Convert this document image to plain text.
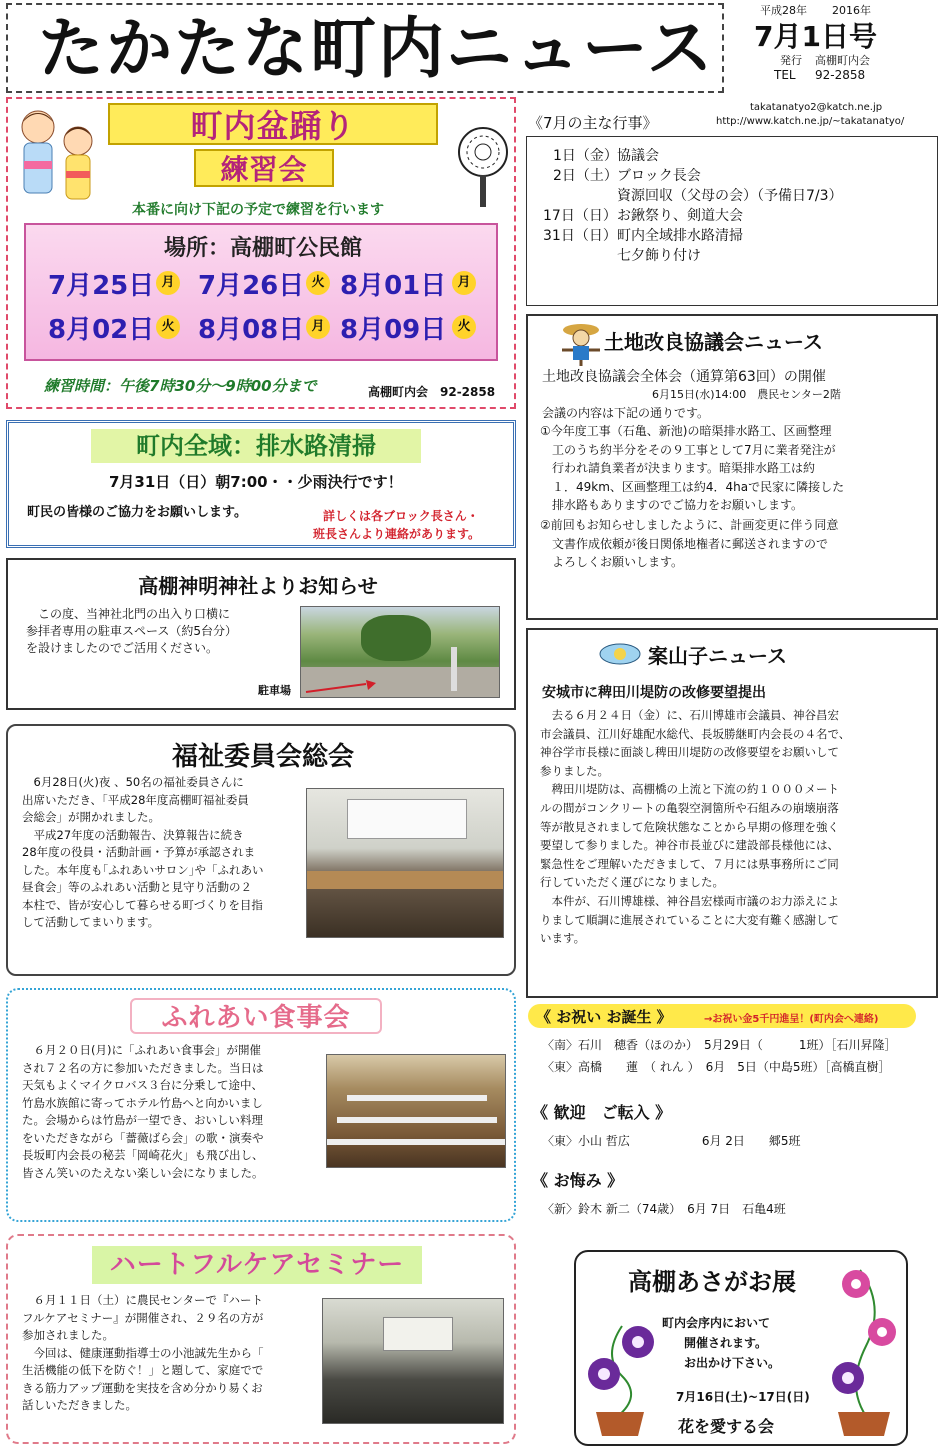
たかたな町内ニュース	平成28年 2016年
7月1日号
発行 高棚町内会
TEL 92-2858
takatanatyo2@katch.ne.jp
http://www.katch.ne.jp/~takatanatyo/
町内盆踊り
練習会
本番に向け下記の予定で練習を行います
場所：高棚町公民館
7月25日 月 7月26日 火 8月01日 月
8月02日 火 8月08日 月 8月09日 火
練習時間：午後7時30分～9時00分まで	高棚町内会　92-2858
町内全域：排水路清掃
7月31日（日）朝7:00・・少雨決行です！
町民の皆様のご協力をお願いします。	詳しくは各ブロック長さん・
班長さんより連絡があります。
高棚神明神社よりお知らせ
　この度、当神社北門の出入り口横に
参拝者専用の駐車スペース（約5台分）
を設けましたのでご活用ください。
駐車場
福祉委員会総会
　6月28日(火)夜 、50名の福祉委員さんに
出席いただき、「平成28年度高棚町福祉委員
会総会」が開かれました。
　平成27年度の活動報告、決算報告に続き
28年度の役員・活動計画・予算が承認されま
した。本年度も｢ふれあいサロン｣や「ふれあい
昼食会」等のふれあい活動と見守り活動の２
本柱で、皆が安心して暮らせる町づくりを目指
して活動してまいります。
ふれあい食事会
　６月２０日(月)に「ふれあい食事会」が開催
され７２名の方に参加いただきました。当日は
天気もよくマイクロバス３台に分乗して途中、
竹島水族館に寄ってホテル竹島へと向かいまし
た。会場からは竹島が一望でき、おいしい料理
をいただきながら「薔薇ばら会」の歌・演奏や
長坂町内会長の秘芸「岡崎花火」も飛び出し、
皆さん笑いのたえない楽しい会になりました。
ハートフルケアセミナー
　６月１１日（土）に農民センターで『ハート
フルケアセミナー』が開催され、２９名の方が
参加されました。
　今回は、健康運動指導士の小池誠先生から「
生活機能の低下を防ぐ！」と題して、家庭でで
きる筋力アップ運動を実技を含め分かり易くお
話しいただきました。
《7月の主な行事》
1日（金）協議会
2日（土）ブロック長会
資源回収（父母の会）（予備日7/3）
17日（日）お鍬祭り、剣道大会
31日（日）町内全域排水路清掃
七夕飾り付け
土地改良協議会ニュース
土地改良協議会全体会（通算第63回）の開催
6月15日(水)14:00　農民センター2階
会議の内容は下記の通りです。
①今年度工事（石亀、新池)の暗渠排水路工、区画整理
　工のうち約半分をその９工事として7月に業者発注が
　行われ請負業者が決まります。暗渠排水路工は約
　１．49km、区画整理工は約4．4haで民家に隣接した
　排水路もありますのでご協力をお願いします。
②前回もお知らせしましたように、計画変更に伴う同意
　文書作成依頼が後日関係地権者に郵送されますので
　よろしくお願いします。
案山子ニュース
安城市に稗田川堤防の改修要望提出
　去る６月２４日（金）に、石川博雄市会議員、神谷昌宏
市会議員、江川好雄配水総代、長坂勝継町内会長の４名で、
神谷学市長様に面談し稗田川堤防の改修要望をお願いして
参りました。
　稗田川堤防は、高棚橋の上流と下流の約１０００メート
ルの間がコンクリートの亀裂空洞箇所や石組みの崩壊崩落
等が散見されまして危険状態なことから早期の修理を強く
要望して参りました。神谷市長並びに建設部長様他には、
緊急性をご理解いただきまして、７月には県事務所にご同
行していただく運びになりました。
　本件が、石川博雄様、神谷昌宏様両市議のお力添えによ
りまして順調に進展されていることに大変有難く感謝して
います。
《 お祝い お誕生 》	→お祝い金5千円進呈！(町内会へ連絡)
〈南〉石川　穂香（ほのか）　5月29日（　　　1班）［石川昇隆］
〈東〉高橋　　蓮　（ れん ）　6月　5日（中島5班）［高橋直樹］
《 歓迎　ご転入 》
〈東〉小山 哲広　　　　　　6月 2日　　郷5班
《 お悔み 》
〈新〉鈴木 新二（74歳）　6月 7日　石亀4班
高棚あさがお展
町内会序内において
開催されます。
お出かけ下さい。
7月16日(土)~17日(日)
花を愛する会
